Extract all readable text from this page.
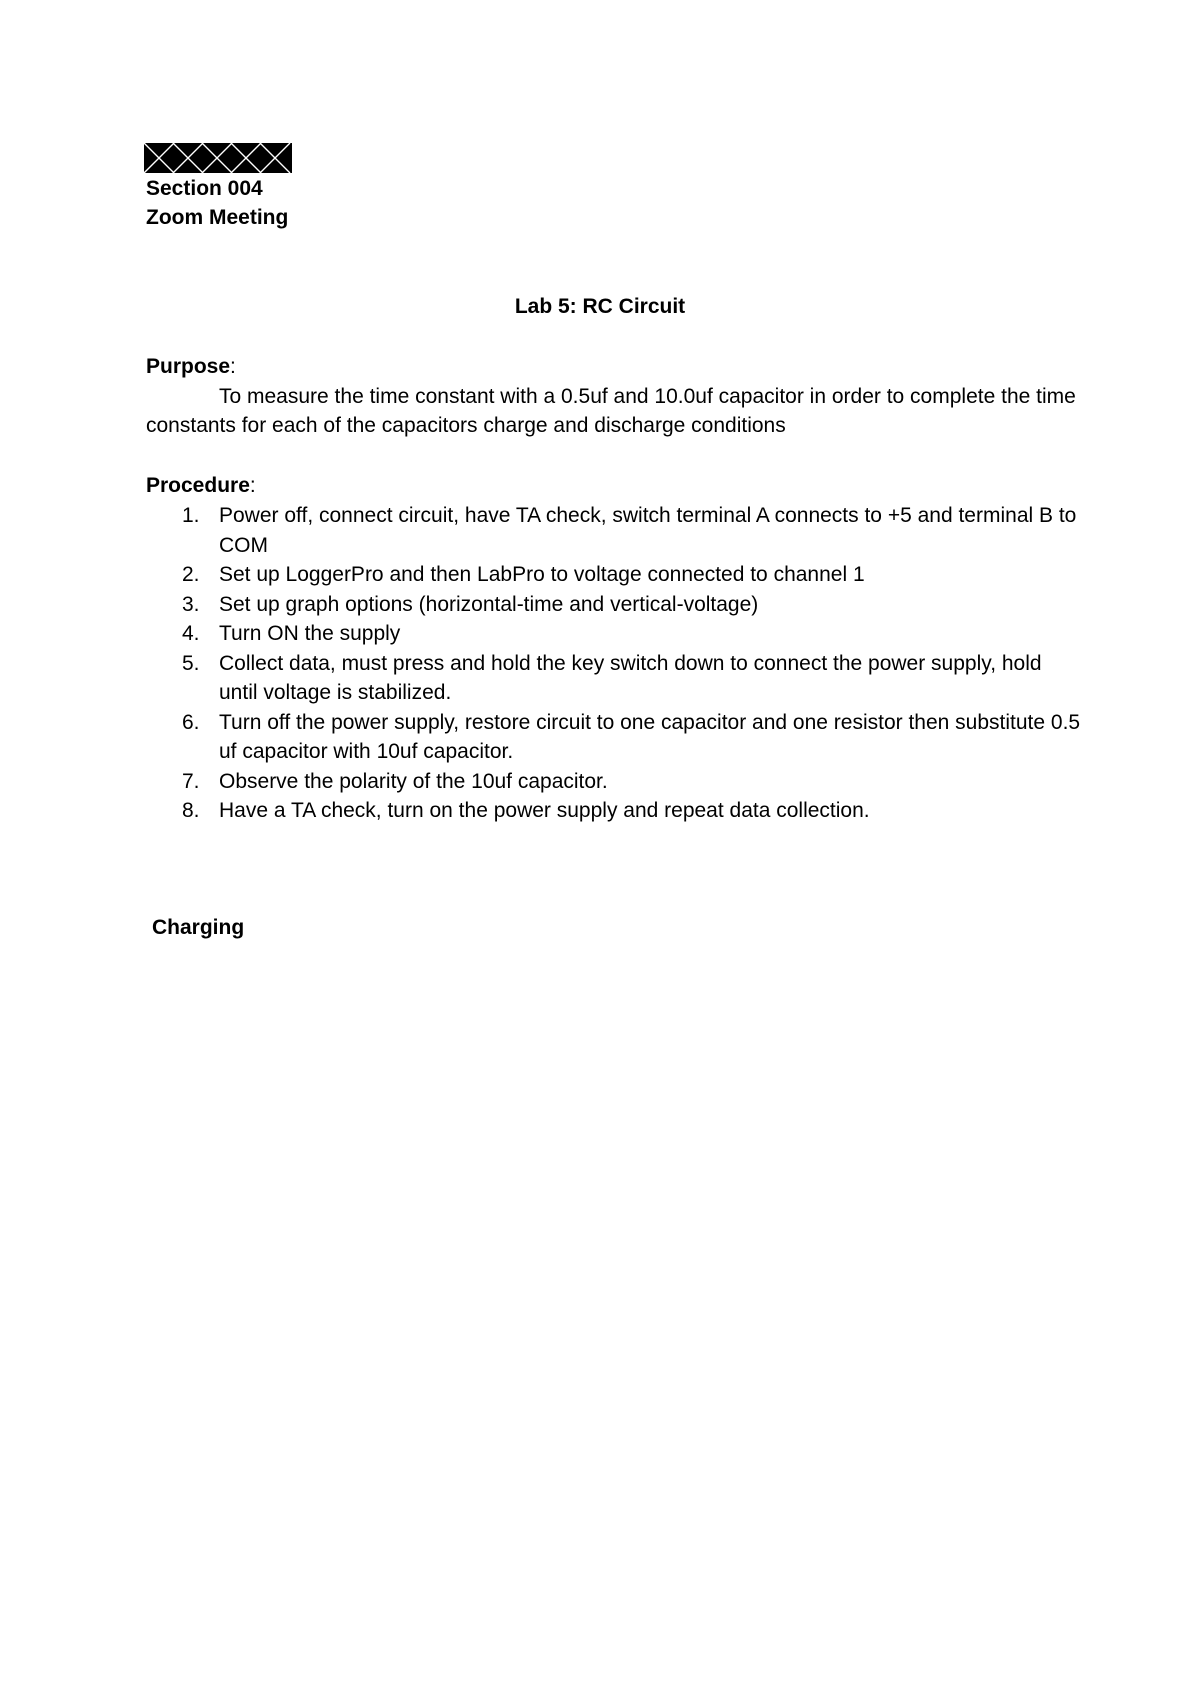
Section 004
Zoom Meeting
Lab 5: RC Circuit
Purpose:

To measure the time constant with a 0.5uf and 10.0uf capacitor in order to complete the time constants for each of the capacitors charge and discharge conditions

Procedure:
1. Power off, connect circuit, have TA check, switch terminal A connects to +5 and terminal B to COM
2. Set up LoggerPro and then LabPro to voltage connected to channel 1
3. Set up graph options (horizontal-time and vertical-voltage)
4. Turn ON the supply
5. Collect data, must press and hold the key switch down to connect the power supply, hold until voltage is stabilized.
6. Turn off the power supply, restore circuit to one capacitor and one resistor then substitute 0.5 uf capacitor with 10uf capacitor.
7. Observe the polarity of the 10uf capacitor.
8. Have a TA check, turn on the power supply and repeat data collection.
Charging
